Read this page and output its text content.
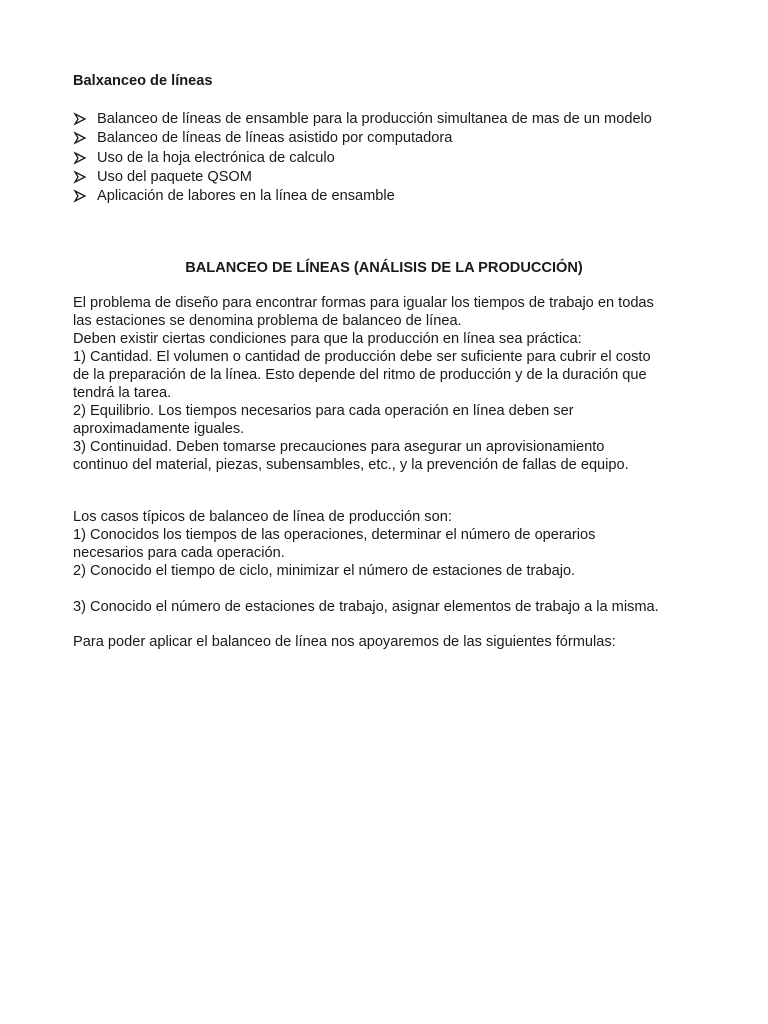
Balxanceo de líneas
Balanceo de líneas de ensamble para la producción simultanea de mas de un modelo
Balanceo de líneas de líneas asistido por computadora
Uso de la hoja electrónica de calculo
Uso del paquete QSOM
Aplicación de labores en la línea de ensamble
BALANCEO DE LÍNEAS (ANÁLISIS DE LA PRODUCCIÓN)

El problema de diseño para encontrar formas para igualar los tiempos de trabajo en todas

las estaciones se denomina problema de balanceo de línea.

Deben existir ciertas condiciones para que la producción en línea sea práctica:

1) Cantidad. El volumen o cantidad de producción debe ser suficiente para cubrir el costo

de la preparación de la línea. Esto depende del ritmo de producción y de la duración que

tendrá la tarea.

2) Equilibrio. Los tiempos necesarios para cada operación en línea deben ser

aproximadamente iguales.

3) Continuidad. Deben tomarse precauciones para asegurar un aprovisionamiento

continuo del material, piezas, subensambles, etc., y la prevención de fallas de equipo.

Los casos típicos de balanceo de línea de producción son:

1) Conocidos los tiempos de las operaciones, determinar el número de operarios

necesarios para cada operación.

2) Conocido el tiempo de ciclo, minimizar el número de estaciones de trabajo.

3) Conocido el número de estaciones de trabajo, asignar elementos de trabajo a la misma.

Para poder aplicar el balanceo de línea nos apoyaremos de las siguientes fórmulas:
